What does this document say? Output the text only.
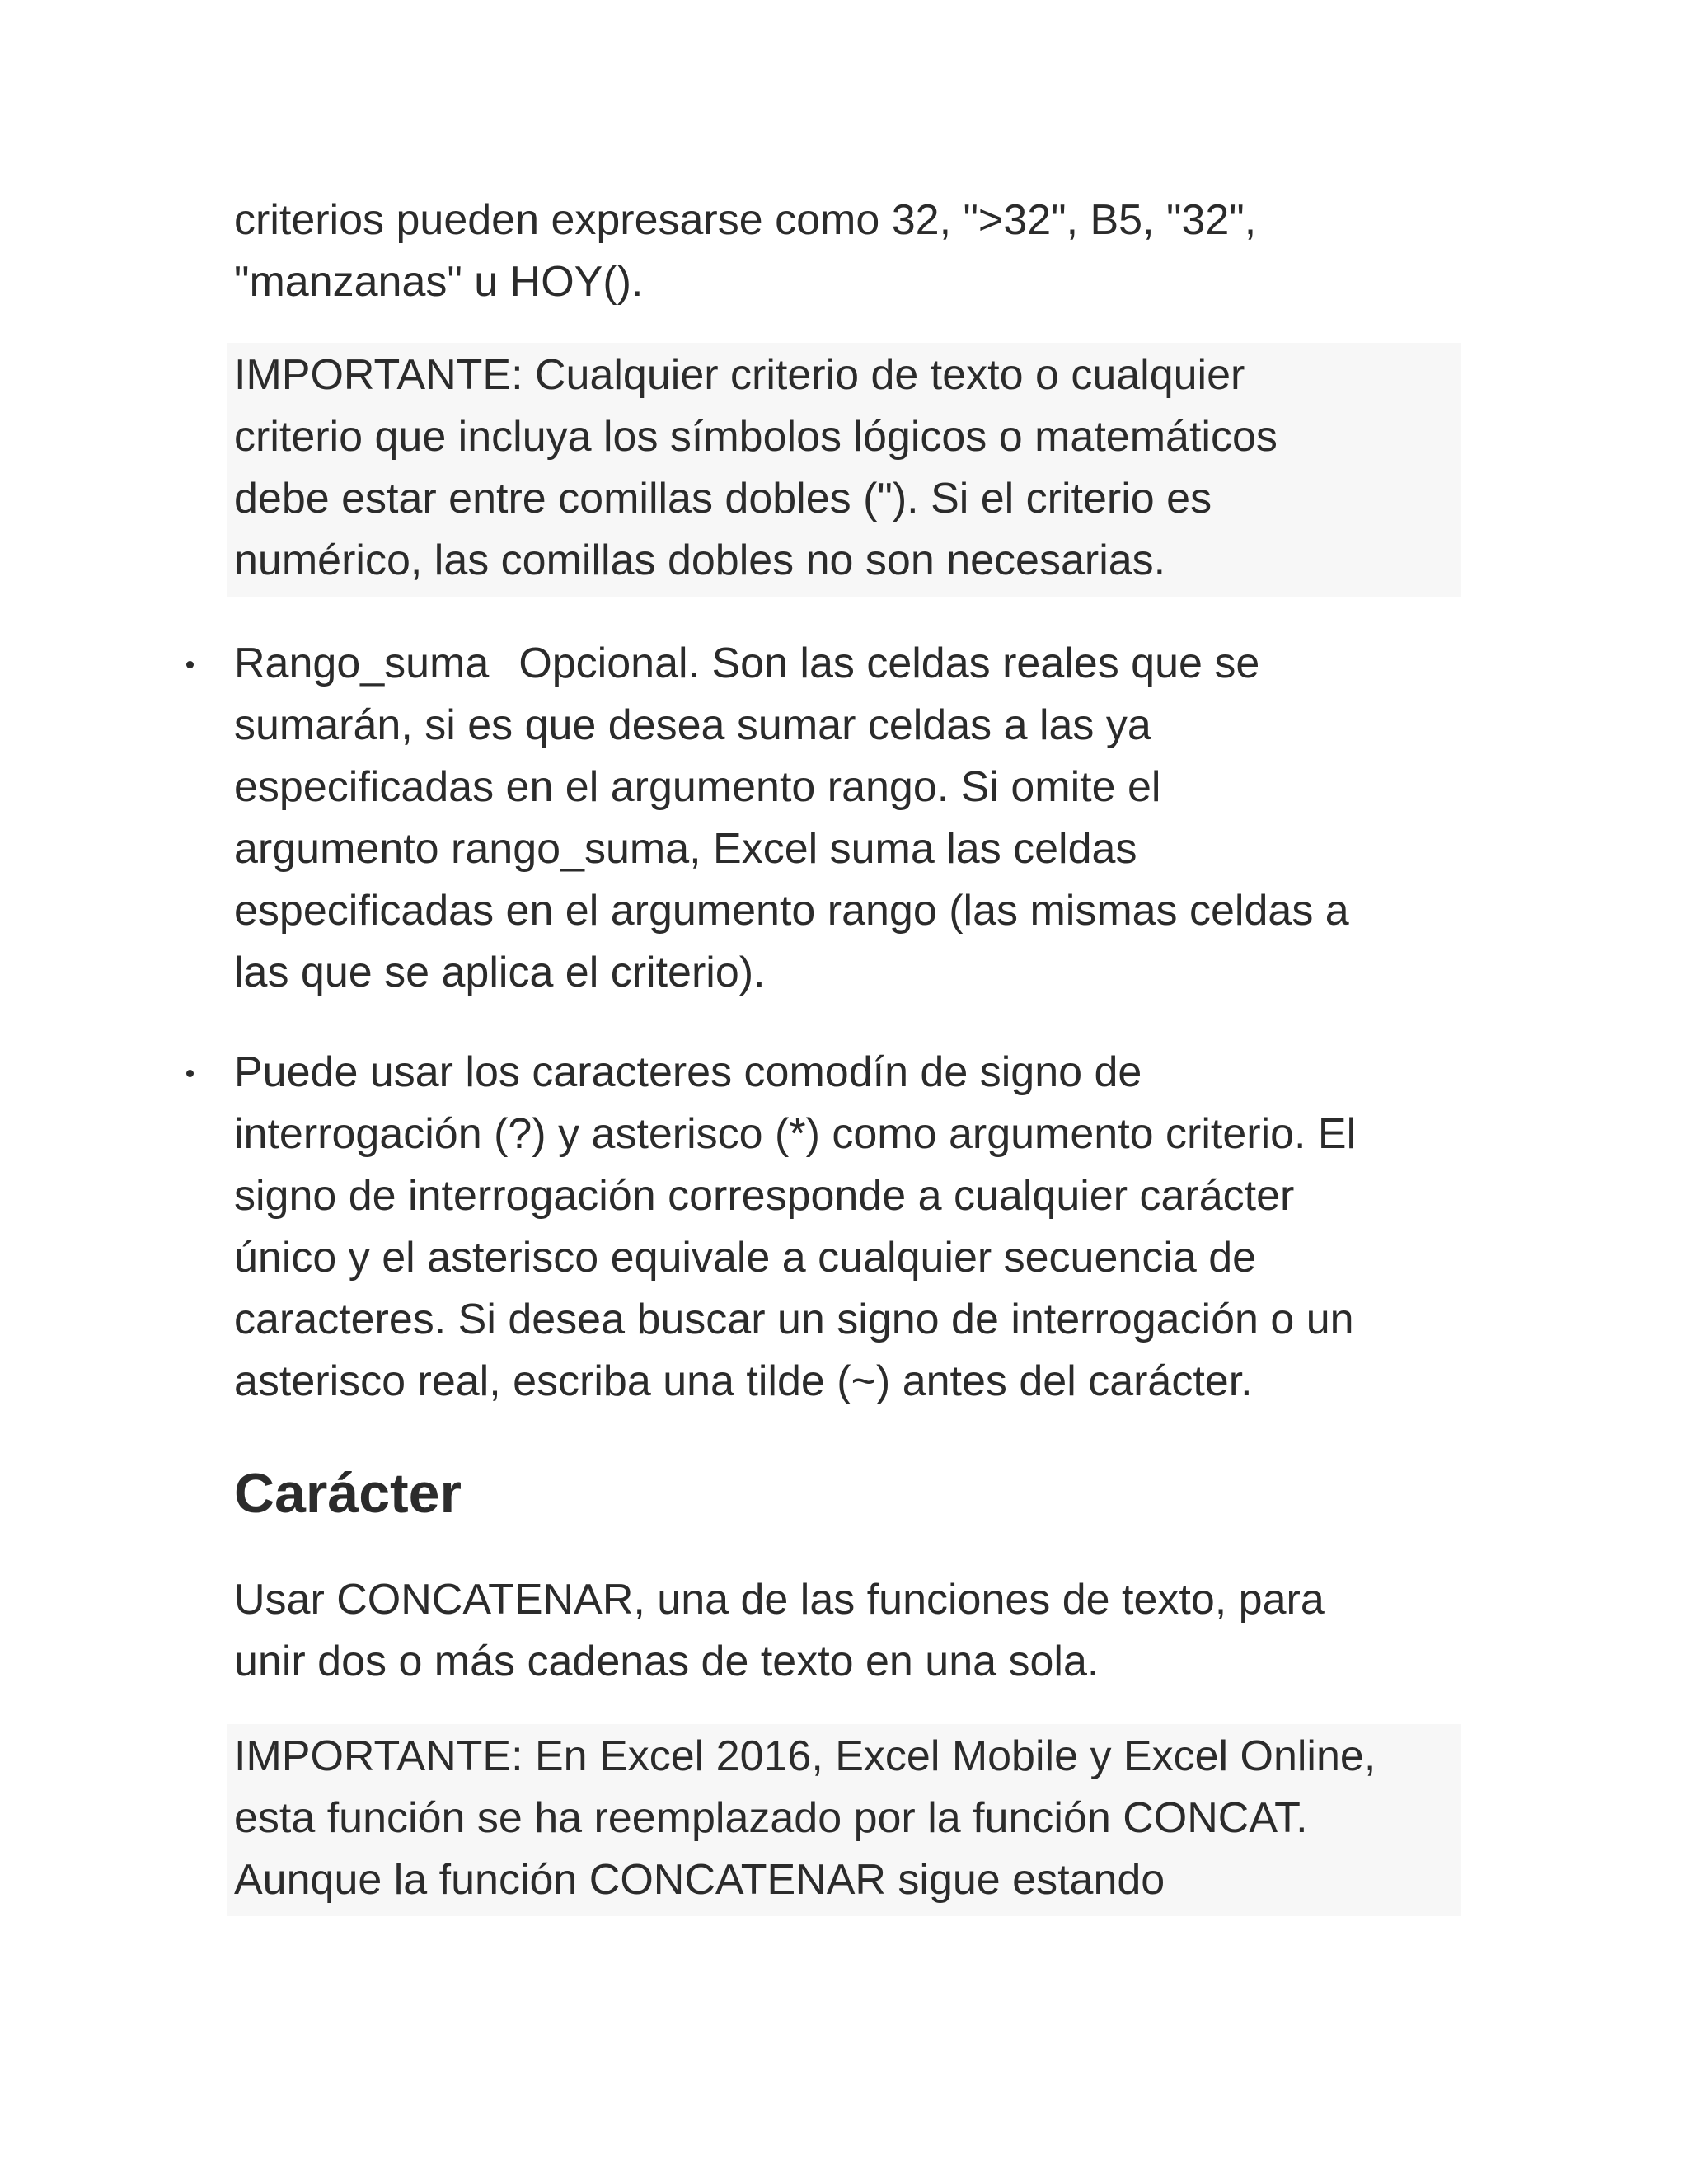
criterios pueden expresarse como 32, ">32", B5, "32",

"manzanas" u HOY().

IMPORTANTE: Cualquier criterio de texto o cualquier

criterio que incluya los símbolos lógicos o matemáticos

debe estar entre comillas dobles ("). Si el criterio es

numérico, las comillas dobles no son necesarias.

Rango_suma Opcional. Son las celdas reales que se

sumarán, si es que desea sumar celdas a las ya

especificadas en el argumento rango. Si omite el

argumento rango_suma, Excel suma las celdas

especificadas en el argumento rango (las mismas celdas a

las que se aplica el criterio).

Puede usar los caracteres comodín de signo de

interrogación (?) y asterisco (*) como argumento criterio. El

signo de interrogación corresponde a cualquier carácter

único y el asterisco equivale a cualquier secuencia de

caracteres. Si desea buscar un signo de interrogación o un

asterisco real, escriba una tilde (~) antes del carácter.

Carácter

Usar CONCATENAR, una de las funciones de texto, para

unir dos o más cadenas de texto en una sola.

IMPORTANTE: En Excel 2016, Excel Mobile y Excel Online,

esta función se ha reemplazado por la función CONCAT.

Aunque la función CONCATENAR sigue estando
